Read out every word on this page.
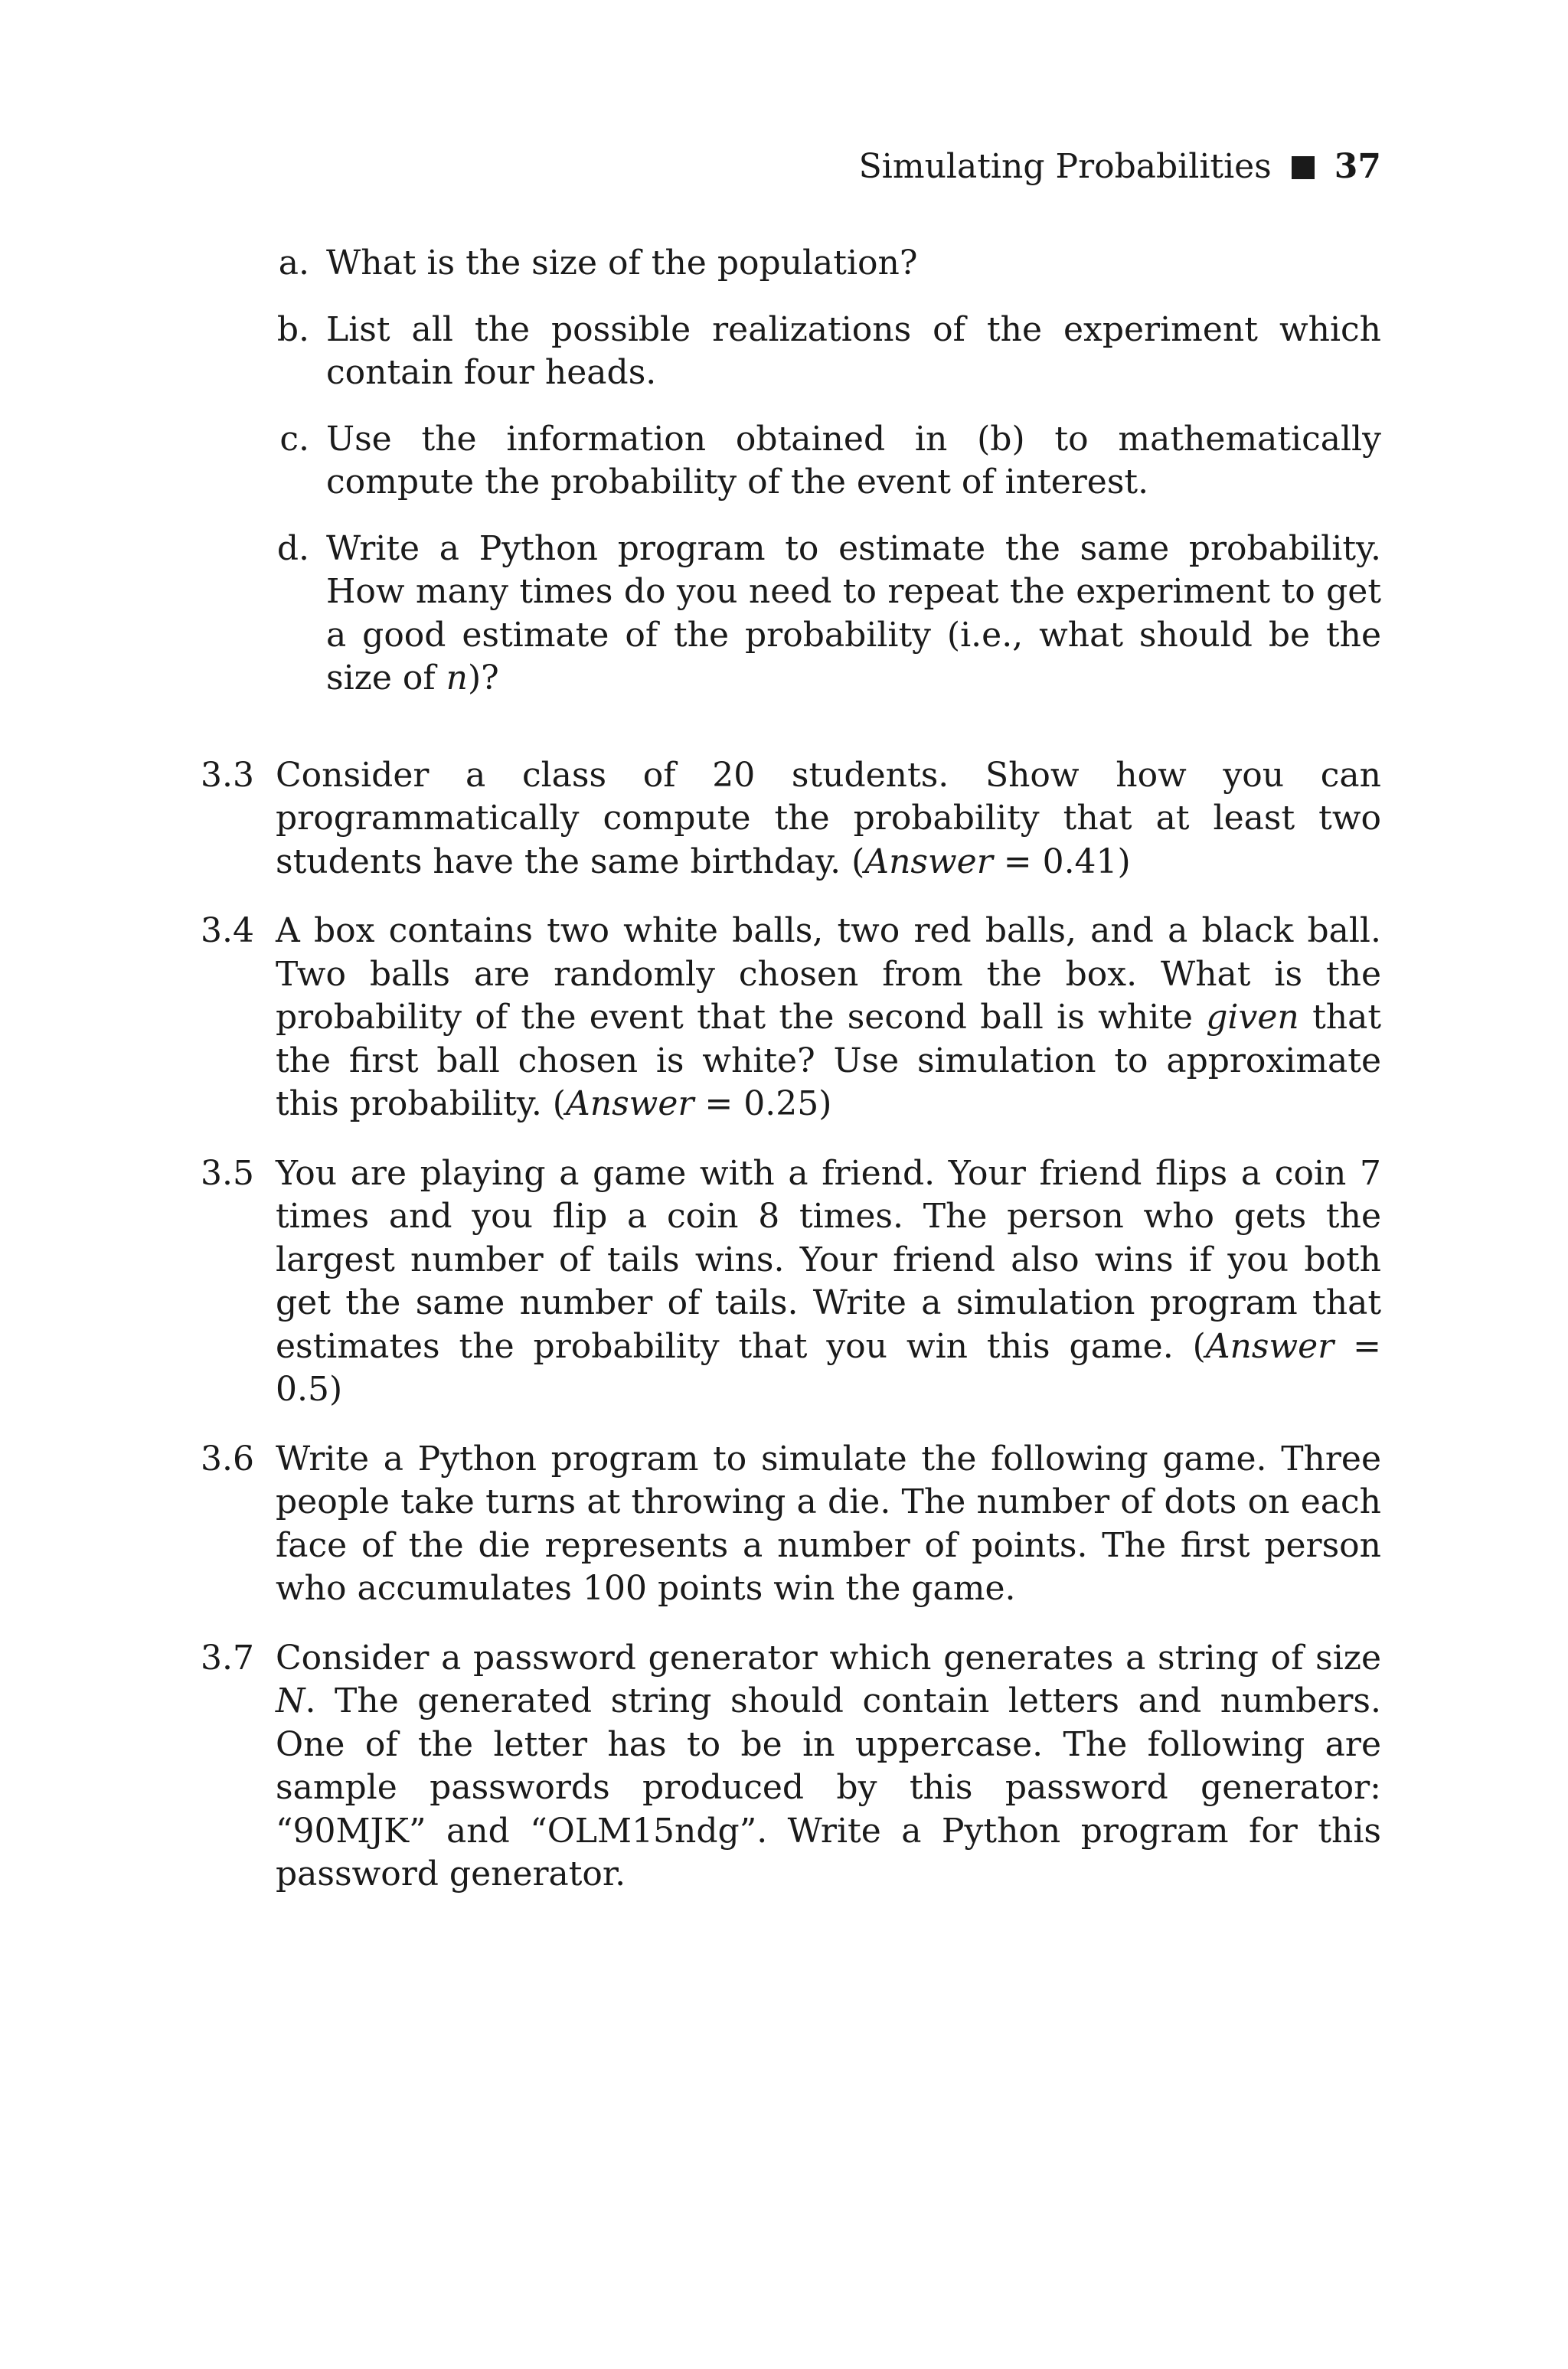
Simulating Probabilities 37
a. What is the size of the population?
b. List all the possible realizations of the experiment which contain four heads.
c. Use the information obtained in (b) to mathematically compute the probability of the event of interest.
d. Write a Python program to estimate the same probability. How many times do you need to repeat the experiment to get a good estimate of the probability (i.e., what should be the size of n)?
3.3 Consider a class of 20 students. Show how you can programmatically compute the probability that at least two students have the same birthday. (Answer = 0.41)
3.4 A box contains two white balls, two red balls, and a black ball. Two balls are randomly chosen from the box. What is the probability of the event that the second ball is white given that the first ball chosen is white? Use simulation to approximate this probability. (Answer = 0.25)
3.5 You are playing a game with a friend. Your friend flips a coin 7 times and you flip a coin 8 times. The person who gets the largest number of tails wins. Your friend also wins if you both get the same number of tails. Write a simulation program that estimates the probability that you win this game. (Answer = 0.5)
3.6 Write a Python program to simulate the following game. Three people take turns at throwing a die. The number of dots on each face of the die represents a number of points. The first person who accumulates 100 points win the game.
3.7 Consider a password generator which generates a string of size N. The generated string should contain letters and numbers. One of the letter has to be in uppercase. The following are sample passwords produced by this password generator: “90MJK” and “OLM15ndg”. Write a Python program for this password generator.
